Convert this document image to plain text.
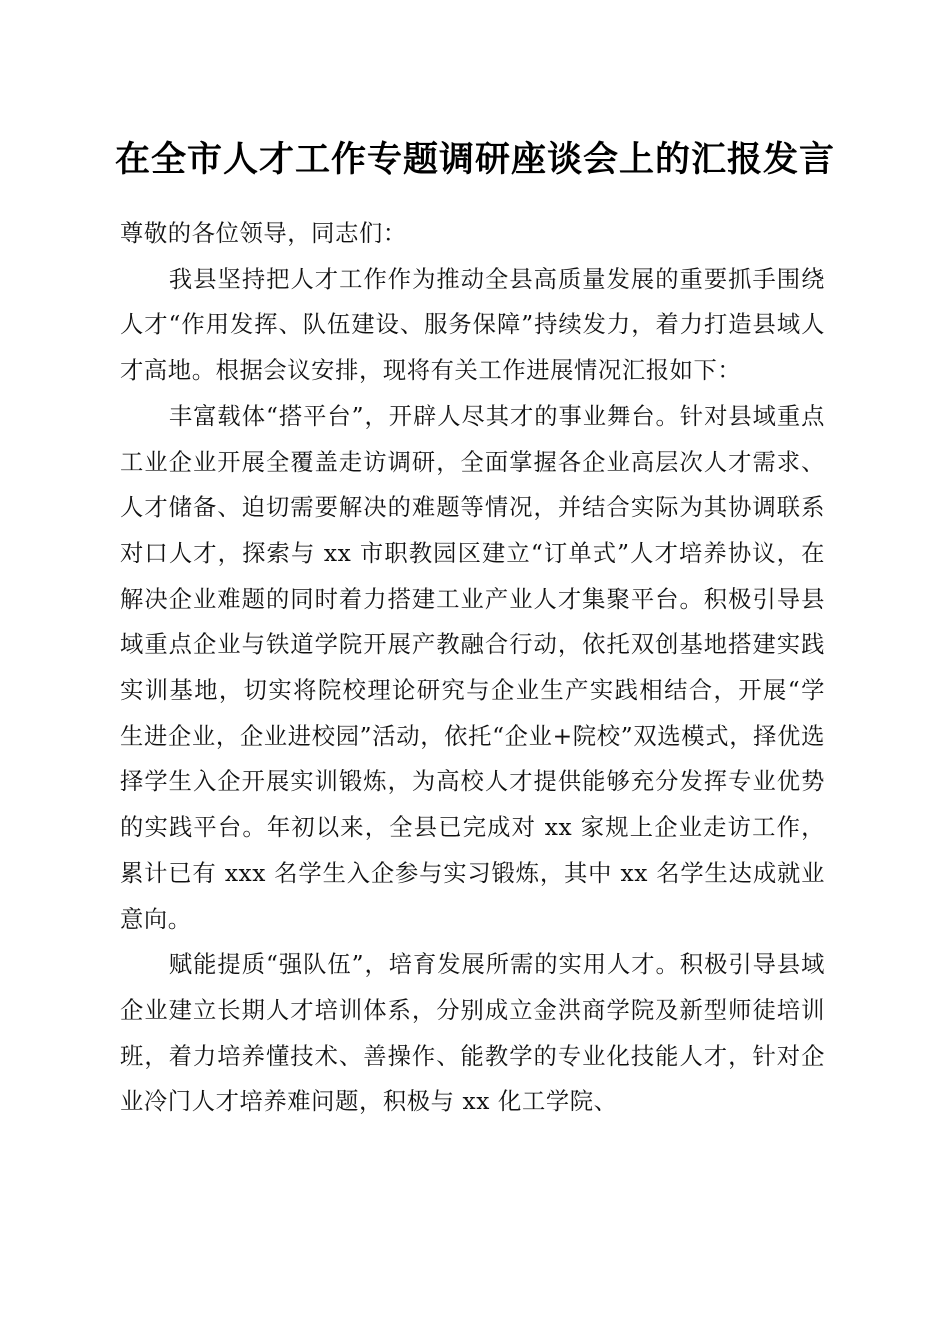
在全市人才工作专题调研座谈会上的汇报发言

尊敬的各位领导，同志们：

我县坚持把人才工作作为推动全县高质量发展的重要抓手围绕人才“作用发挥、队伍建设、服务保障”持续发力，着力打造县域人才高地。根据会议安排，现将有关工作进展情况汇报如下：

丰富载体“搭平台”，开辟人尽其才的事业舞台。针对县域重点工业企业开展全覆盖走访调研，全面掌握各企业高层次人才需求、人才储备、迫切需要解决的难题等情况，并结合实际为其协调联系对口人才，探索与 xx 市职教园区建立“订单式”人才培养协议，在解决企业难题的同时着力搭建工业产业人才集聚平台。积极引导县域重点企业与铁道学院开展产教融合行动，依托双创基地搭建实践实训基地，切实将院校理论研究与企业生产实践相结合，开展“学生进企业，企业进校园”活动，依托“企业+院校”双选模式，择优选择学生入企开展实训锻炼，为高校人才提供能够充分发挥专业优势的实践平台。年初以来，全县已完成对 xx 家规上企业走访工作，累计已有 xxx 名学生入企参与实习锻炼，其中 xx 名学生达成就业意向。

赋能提质“强队伍”，培育发展所需的实用人才。积极引导县域企业建立长期人才培训体系，分别成立金洪商学院及新型师徒培训班，着力培养懂技术、善操作、能教学的专业化技能人才，针对企业冷门人才培养难问题，积极与 xx 化工学院、
